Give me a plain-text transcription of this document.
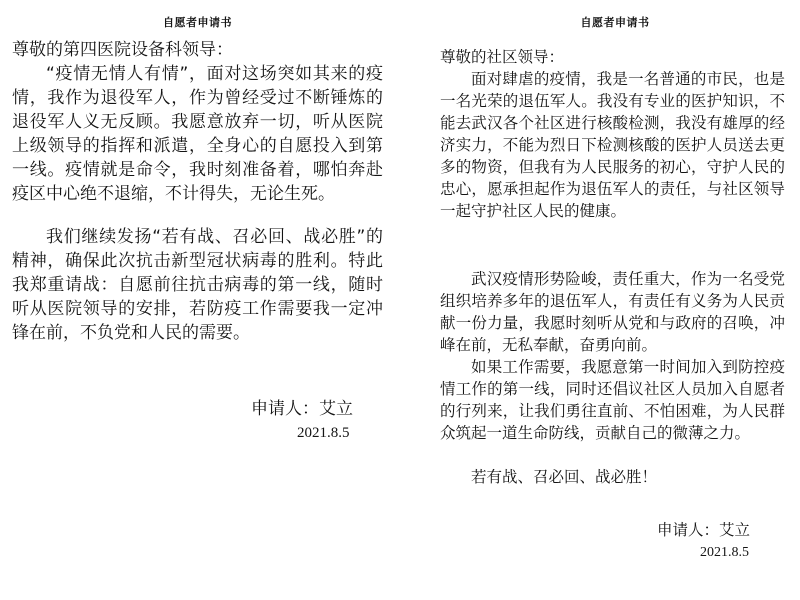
自愿者申请书

尊敬的第四医院设备科领导：

“疫情无情人有情”，面对这场突如其来的疫情，我作为退役军人，作为曾经受过不断锤炼的退役军人义无反顾。我愿意放弃一切，听从医院上级领导的指挥和派遣，全身心的自愿投入到第一线。疫情就是命令，我时刻准备着，哪怕奔赴疫区中心绝不退缩，不计得失，无论生死。

我们继续发扬“若有战、召必回、战必胜”的精神，确保此次抗击新型冠状病毒的胜利。特此我郑重请战：自愿前往抗击病毒的第一线，随时听从医院领导的安排，若防疫工作需要我一定冲锋在前，不负党和人民的需要。

申请人：艾立
2021.8.5
自愿者申请书

尊敬的社区领导：

面对肆虐的疫情，我是一名普通的市民，也是一名光荣的退伍军人。我没有专业的医护知识，不能去武汉各个社区进行核酸检测，我没有雄厚的经济实力，不能为烈日下检测核酸的医护人员送去更多的物资，但我有为人民服务的初心，守护人民的忠心，愿承担起作为退伍军人的责任，与社区领导一起守护社区人民的健康。

武汉疫情形势险峻，责任重大，作为一名受党组织培养多年的退伍军人，有责任有义务为人民贡献一份力量，我愿时刻听从党和与政府的召唤，冲峰在前，无私奉献，奋勇向前。

如果工作需要，我愿意第一时间加入到防控疫情工作的第一线，同时还倡议社区人员加入自愿者的行列来，让我们勇往直前、不怕困难，为人民群众筑起一道生命防线，贡献自己的微薄之力。

若有战、召必回、战必胜！

申请人：艾立
2021.8.5
